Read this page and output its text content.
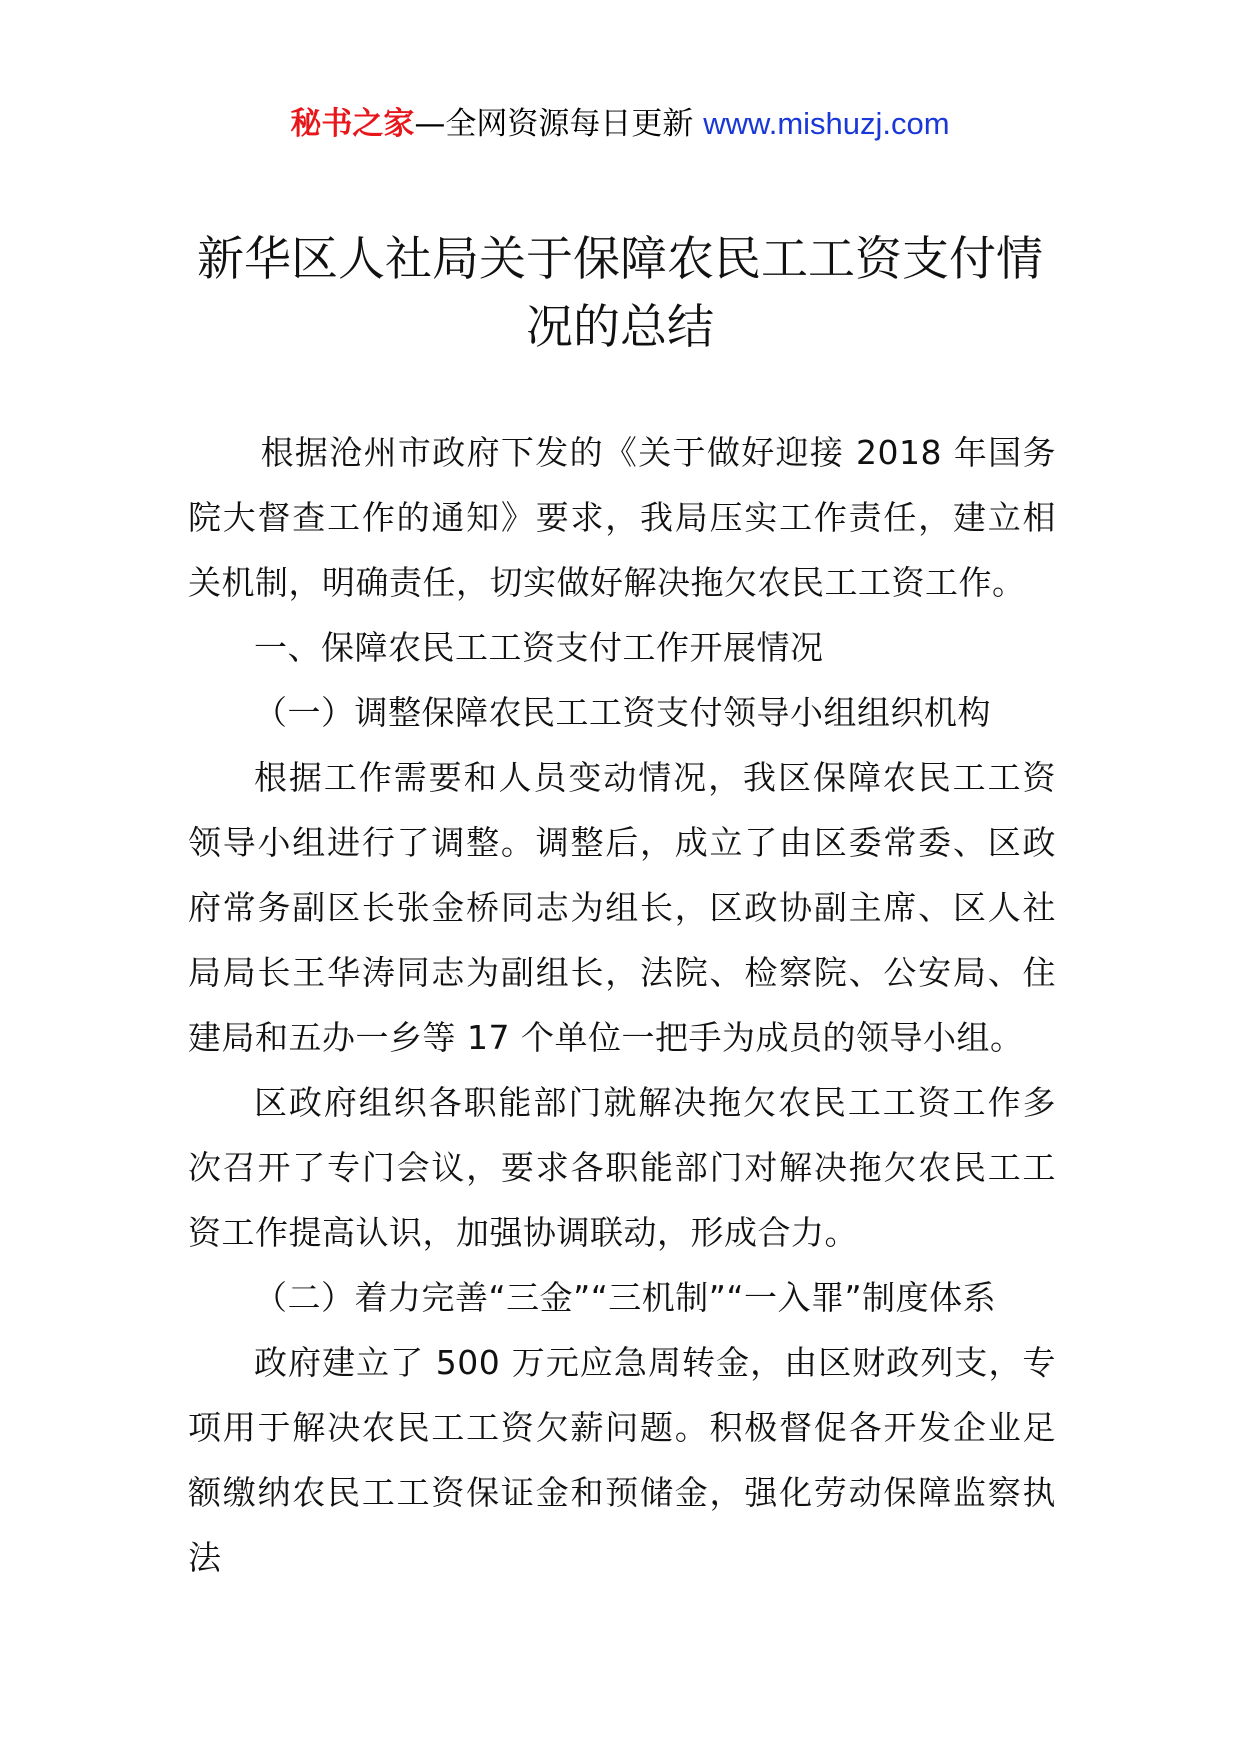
秘书之家—全网资源每日更新 www.mishuzj.com
新华区人社局关于保障农民工工资支付情况的总结

根据沧州市政府下发的《关于做好迎接 2018 年国务院大督查工作的通知》要求，我局压实工作责任，建立相关机制，明确责任，切实做好解决拖欠农民工工资工作。

一、保障农民工工资支付工作开展情况

（一）调整保障农民工工资支付领导小组组织机构

根据工作需要和人员变动情况，我区保障农民工工资领导小组进行了调整。调整后，成立了由区委常委、区政府常务副区长张金桥同志为组长，区政协副主席、区人社局局长王华涛同志为副组长，法院、检察院、公安局、住建局和五办一乡等 17 个单位一把手为成员的领导小组。

区政府组织各职能部门就解决拖欠农民工工资工作多次召开了专门会议，要求各职能部门对解决拖欠农民工工资工作提高认识，加强协调联动，形成合力。

（二）着力完善“三金”“三机制”“一入罪”制度体系

政府建立了 500 万元应急周转金，由区财政列支，专项用于解决农民工工资欠薪问题。积极督促各开发企业足额缴纳农民工工资保证金和预储金，强化劳动保障监察执法
